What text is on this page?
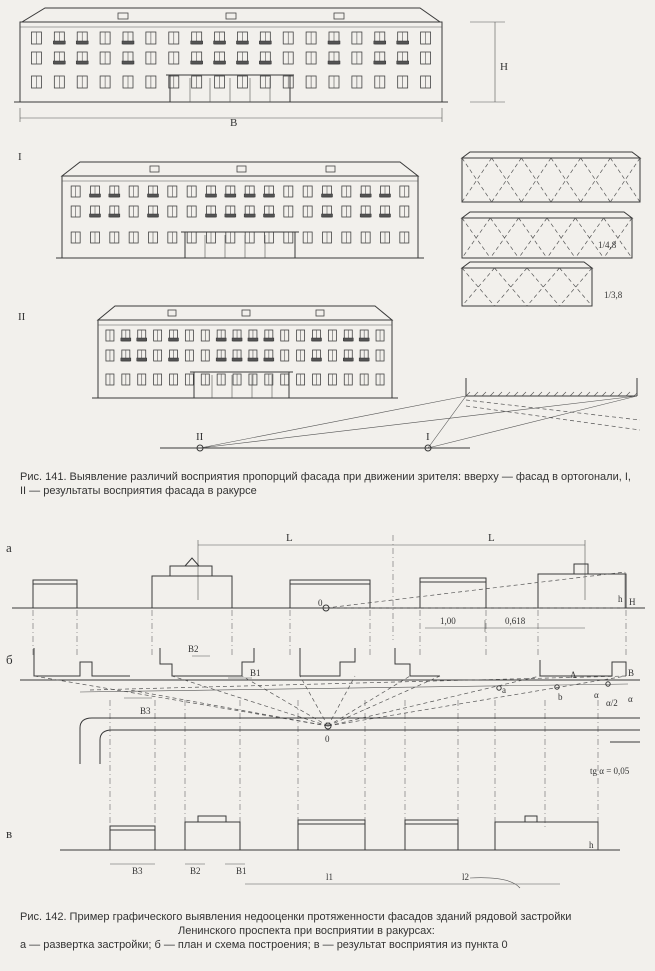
H
B
I
II
1/4,8
1/3,8
II	I
а
L	L
0	h H
1,00	0,618
б
В2
В1
В3
а
А
b
В
α
α/2 α
0
tg α = 0,05
в
h
В3	В2	В1
l1	l2
Рис. 141. Выявление различий восприятия пропорций фасада при движении зрителя: вверху — фасад в ортогонали, I, II — результаты восприятия фасада в ракурсе
Рис. 142. Пример графического выявления недооценки протяженности фасадов зданий рядовой застройки
Ленинского проспекта при восприятии в ракурсах:
а — развертка застройки; б — план и схема построения; в — результат восприятия из пункта 0
